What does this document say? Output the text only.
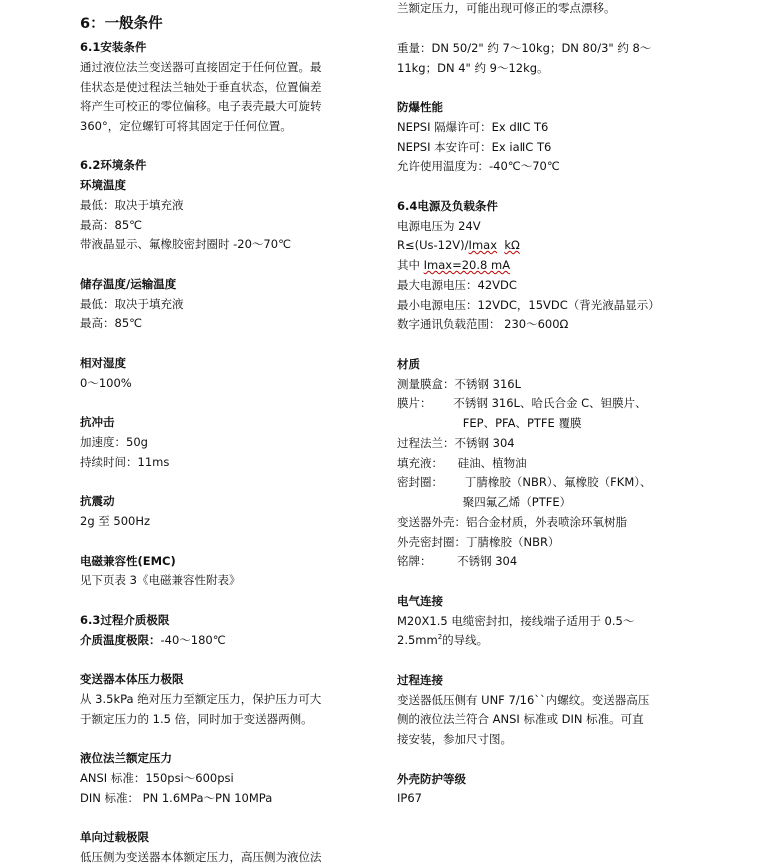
6：一般条件
6.1安装条件
通过液位法兰变送器可直接固定于任何位置。最
佳状态是使过程法兰轴处于垂直状态，位置偏差
将产生可校正的零位偏移。电子表壳最大可旋转
360°，定位螺钉可将其固定于任何位置。
6.2环境条件
环境温度
最低：取决于填充液
最高：85℃
带液晶显示、氟橡胶密封圈时 -20～70℃
储存温度/运输温度
最低：取决于填充液
最高：85℃
相对湿度
0～100%
抗冲击
加速度：50g
持续时间：11ms
抗震动
2g 至 500Hz
电磁兼容性(EMC)
见下页表 3《电磁兼容性附表》
6.3过程介质极限
介质温度极限：-40～180℃
变送器本体压力极限
从 3.5kPa 绝对压力至额定压力，保护压力可大
于额定压力的 1.5 倍，同时加于变送器两侧。
液位法兰额定压力
ANSI 标准：150psi～600psi
DIN 标准： PN 1.6MPa～PN 10MPa
单向过载极限
低压侧为变送器本体额定压力，高压侧为液位法
兰额定压力，可能出现可修正的零点漂移。
重量：DN 50/2" 约 7～10kg；DN 80/3" 约 8～
11kg；DN 4" 约 9～12kg。
防爆性能
NEPSI 隔爆许可：Ex dⅡC T6
NEPSI 本安许可：Ex iaⅡC T6
允许使用温度为：-40℃～70℃
6.4电源及负载条件
电源电压为 24V
R≤(Us-12V)/Imax kΩ
其中 Imax=20.8 mA
最大电源电压：42VDC
最小电源电压：12VDC，15VDC（背光液晶显示）
数字通讯负载范围： 230～600Ω
材质
测量膜盒：不锈钢 316L
膜片：      不锈钢 316L、哈氏合金 C、钽膜片、
FEP、PFA、PTFE 覆膜
过程法兰：不锈钢 304
填充液：    硅油、植物油
密封圈：      丁腈橡胶（NBR）、氟橡胶（FKM）、
聚四氟乙烯（PTFE）
变送器外壳：铝合金材质，外表喷涂环氧树脂
外壳密封圈：丁腈橡胶（NBR）
铭牌：       不锈钢 304
电气连接
M20X1.5 电缆密封扣，接线端子适用于 0.5～
$2.5mm^2$的导线。
过程连接
变送器低压侧有 UNF 7/16``内螺纹。变送器高压
侧的液位法兰符合 ANSI 标准或 DIN 标准。可直
接安装，参加尺寸图。
外壳防护等级
IP67
